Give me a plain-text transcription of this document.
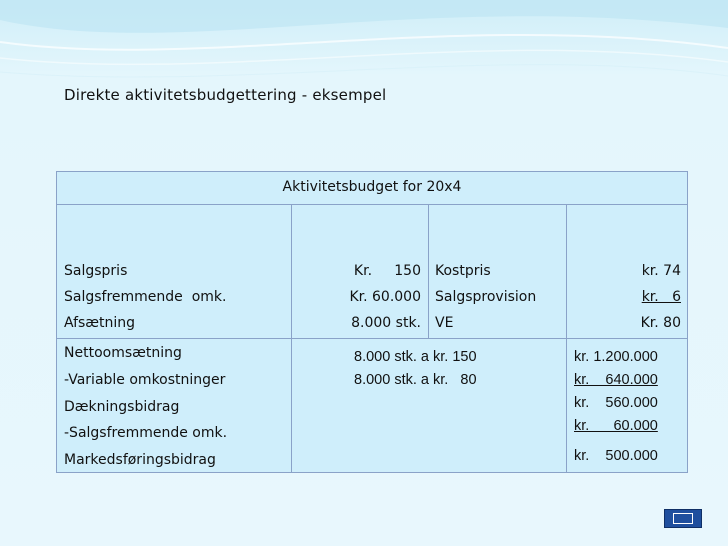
Direkte aktivitetsbudgettering - eksempel
Aktivitetsbudget for 20x4
Salgspris
Salgsfremmende  omk.
Afsætning
Kr.     150
Kr. 60.000
8.000 stk.
Kostpris
Salgsprovision
VE
kr. 74
kr.   6
Kr. 80
Nettoomsætning
-Variable omkostninger
Dækningsbidrag
-Salgsfremmende omk.
Markedsføringsbidrag
8.000 stk. a kr. 150
8.000 stk. a kr.   80
kr. 1.200.000
kr.    640.000
kr.    560.000
kr.      60.000
kr.    500.000
